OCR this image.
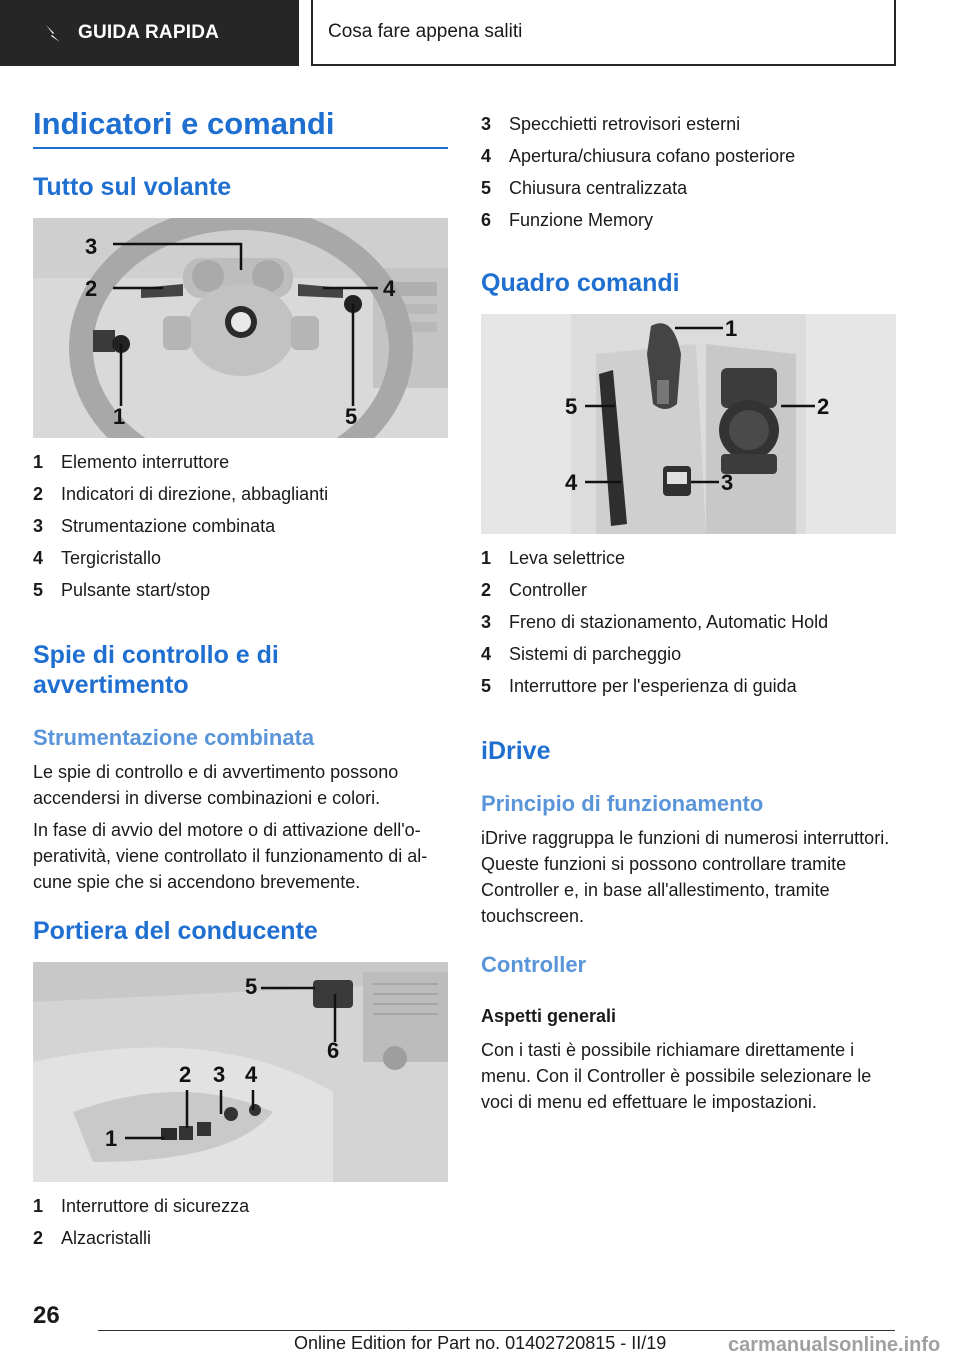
GUIDA RAPIDA	Cosa fare appena saliti
Indicatori e comandi
Tutto sul volante
3
2	4
1	5
1 Elemento interruttore
2 Indicatori di direzione, abbaglianti
3 Strumentazione combinata
4 Tergicristallo
5 Pulsante start/stop
Spie di controllo e di avvertimento
Strumentazione combinata
Le spie di controllo e di avvertimento possono accendersi in diverse combinazioni e colori.
In fase di avvio del motore o di attivazione dell'operatività, viene controllato il funzionamento di alcune spie che si accendono brevemente.
Portiera del conducente
5
6
2 3 4
1
1 Interruttore di sicurezza
2 Alzacristalli
3 Specchietti retrovisori esterni
4 Apertura/chiusura cofano posteriore
5 Chiusura centralizzata
6 Funzione Memory
Quadro comandi
1
2
3
5
4
1 Leva selettrice
2 Controller
3 Freno di stazionamento, Automatic Hold
4 Sistemi di parcheggio
5 Interruttore per l'esperienza di guida
iDrive
Principio di funzionamento
iDrive raggruppa le funzioni di numerosi interruttori. Queste funzioni si possono controllare tramite Controller e, in base all'allestimento, tramite touchscreen.
Controller
Aspetti generali
Con i tasti è possibile richiamare direttamente i menu. Con il Controller è possibile selezionare le voci di menu ed effettuare le impostazioni.
26
Online Edition for Part no. 01402720815 - II/19	carmanualsonline.info
